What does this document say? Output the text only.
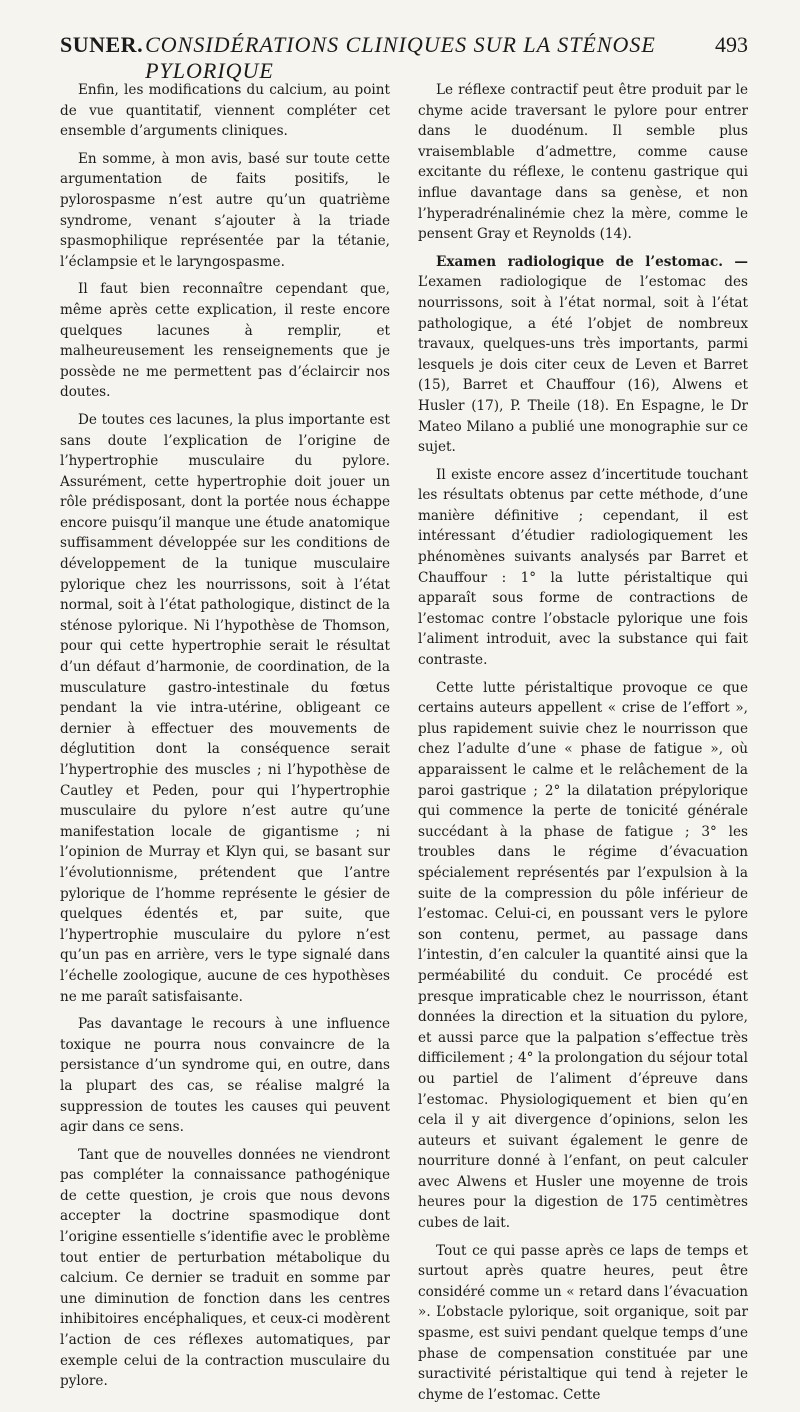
SUNER. CONSIDÉRATIONS CLINIQUES SUR LA STÉNOSE PYLORIQUE
493

Enfin, les modifications du calcium, au point de vue quantitatif, viennent compléter cet ensemble d’arguments cliniques.

En somme, à mon avis, basé sur toute cette argumentation de faits positifs, le pylorospasme n’est autre qu’un quatrième syndrome, venant s’ajouter à la triade spasmophilique représentée par la tétanie, l’éclampsie et le laryngospasme.

Il faut bien reconnaître cependant que, même après cette explication, il reste encore quelques lacunes à remplir, et malheureusement les renseignements que je possède ne me permettent pas d’éclaircir nos doutes.

De toutes ces lacunes, la plus importante est sans doute l’explication de l’origine de l’hypertrophie musculaire du pylore. Assurément, cette hypertrophie doit jouer un rôle prédisposant, dont la portée nous échappe encore puisqu’il manque une étude anatomique suffisamment développée sur les conditions de développement de la tunique musculaire pylorique chez les nourrissons, soit à l’état normal, soit à l’état pathologique, distinct de la sténose pylorique. Ni l’hypothèse de Thomson, pour qui cette hypertrophie serait le résultat d’un défaut d’harmonie, de coordination, de la musculature gastro-intestinale du fœtus pendant la vie intra-utérine, obligeant ce dernier à effectuer des mouvements de déglutition dont la conséquence serait l’hypertrophie des muscles ; ni l’hypothèse de Cautley et Peden, pour qui l’hypertrophie musculaire du pylore n’est autre qu’une manifestation locale de gigantisme ; ni l’opinion de Murray et Klyn qui, se basant sur l’évolutionnisme, prétendent que l’antre pylorique de l’homme représente le gésier de quelques édentés et, par suite, que l’hypertrophie musculaire du pylore n’est qu’un pas en arrière, vers le type signalé dans l’échelle zoologique, aucune de ces hypothèses ne me paraît satisfaisante.

Pas davantage le recours à une influence toxique ne pourra nous convaincre de la persistance d’un syndrome qui, en outre, dans la plupart des cas, se réalise malgré la suppression de toutes les causes qui peuvent agir dans ce sens.

Tant que de nouvelles données ne viendront pas compléter la connaissance pathogénique de cette question, je crois que nous devons accepter la doctrine spasmodique dont l’origine essentielle s’identifie avec le problème tout entier de perturbation métabolique du calcium. Ce dernier se traduit en somme par une diminution de fonction dans les centres inhibitoires encéphaliques, et ceux-ci modèrent l’action de ces réflexes automatiques, par exemple celui de la contraction musculaire du pylore.

Le réflexe contractif peut être produit par le chyme acide traversant le pylore pour entrer dans le duodénum. Il semble plus vraisemblable d’admettre, comme cause excitante du réflexe, le contenu gastrique qui influe davantage dans sa genèse, et non l’hyperadrénalinémie chez la mère, comme le pensent Gray et Reynolds (14).

Examen radiologique de l’estomac. — L’examen radiologique de l’estomac des nourrissons, soit à l’état normal, soit à l’état pathologique, a été l’objet de nombreux travaux, quelques-uns très importants, parmi lesquels je dois citer ceux de Leven et Barret (15), Barret et Chauffour (16), Alwens et Husler (17), P. Theile (18). En Espagne, le Dr Mateo Milano a publié une monographie sur ce sujet.

Il existe encore assez d’incertitude touchant les résultats obtenus par cette méthode, d’une manière définitive ; cependant, il est intéressant d’étudier radiologiquement les phénomènes suivants analysés par Barret et Chauffour : 1° la lutte péristaltique qui apparaît sous forme de contractions de l’estomac contre l’obstacle pylorique une fois l’aliment introduit, avec la substance qui fait contraste.

Cette lutte péristaltique provoque ce que certains auteurs appellent « crise de l’effort », plus rapidement suivie chez le nourrisson que chez l’adulte d’une « phase de fatigue », où apparaissent le calme et le relâchement de la paroi gastrique ; 2° la dilatation prépylorique qui commence la perte de tonicité générale succédant à la phase de fatigue ; 3° les troubles dans le régime d’évacuation spécialement représentés par l’expulsion à la suite de la compression du pôle inférieur de l’estomac. Celui-ci, en poussant vers le pylore son contenu, permet, au passage dans l’intestin, d’en calculer la quantité ainsi que la perméabilité du conduit. Ce procédé est presque impraticable chez le nourrisson, étant données la direction et la situation du pylore, et aussi parce que la palpation s’effectue très difficilement ; 4° la prolongation du séjour total ou partiel de l’aliment d’épreuve dans l’estomac. Physiologiquement et bien qu’en cela il y ait divergence d’opinions, selon les auteurs et suivant également le genre de nourriture donné à l’enfant, on peut calculer avec Alwens et Husler une moyenne de trois heures pour la digestion de 175 centimètres cubes de lait.

Tout ce qui passe après ce laps de temps et surtout après quatre heures, peut être considéré comme un « retard dans l’évacuation ». L’obstacle pylorique, soit organique, soit par spasme, est suivi pendant quelque temps d’une phase de compensation constituée par une suractivité péristaltique qui tend à rejeter le chyme de l’estomac. Cette
